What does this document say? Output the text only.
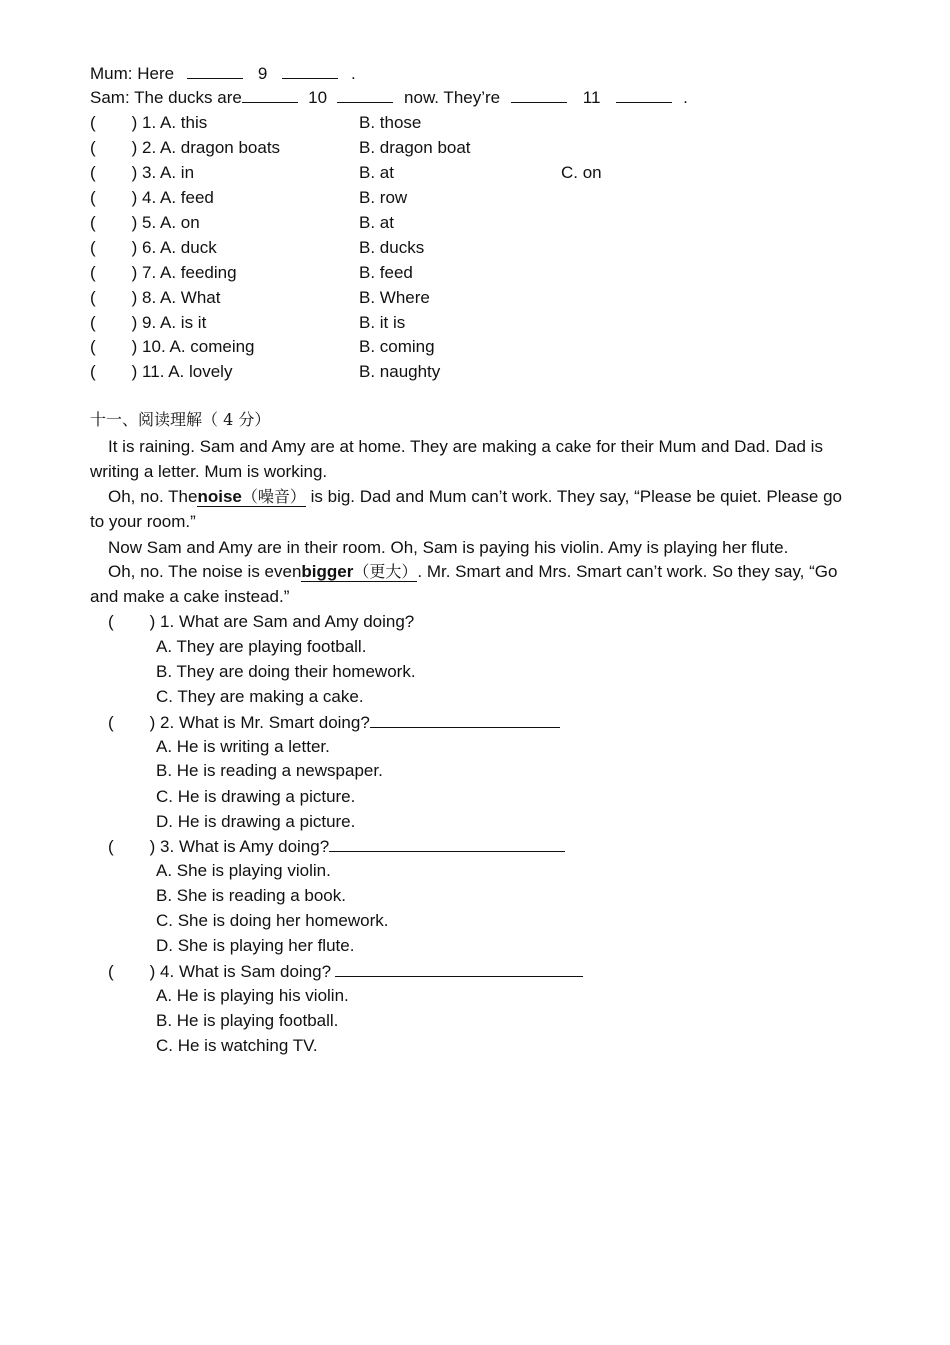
Mum: Here	9	.
Sam: The ducks are	10	now. They’re	11	.
( ) 1. A. this	B. those
( ) 2. A. dragon boats	B. dragon boat
( ) 3. A. in	B. at	C. on
( ) 4. A. feed	B. row
( ) 5. A. on	B. at
( ) 6. A. duck	B. ducks
( ) 7. A. feeding	B. feed
( ) 8. A. What	B. Where
( ) 9. A. is it	B. it is
( ) 10. A. comeing	B. coming
( ) 11. A. lovely	B. naughty
十一、阅读理解（ 4 分）
It is raining. Sam and Amy are at home. They are making a cake for their Mum and Dad. Dad is
writing a letter. Mum is working.
Oh, no. Thenoise（噪音） is big. Dad and Mum can’t work. They say, “Please be quiet. Please go
to your room.”
Now Sam and Amy are in their room. Oh, Sam is paying his violin. Amy is playing her flute.
Oh, no. The noise is evenbigger（更大）. Mr. Smart and Mrs. Smart can’t work. So they say, “Go
and make a cake instead.”
( ) 1. What are Sam and Amy doing?
A. They are playing football.
B. They are doing their homework.
C. They are making a cake.
( ) 2. What is Mr. Smart doing?
A. He is writing a letter.
B. He is reading a newspaper.
C. He is drawing a picture.
D. He is drawing a picture.
( ) 3. What is Amy doing?
A. She is playing violin.
B. She is reading a book.
C. She is doing her homework.
D. She is playing her flute.
( ) 4. What is Sam doing?
A. He is playing his violin.
B. He is playing football.
C. He is watching TV.
